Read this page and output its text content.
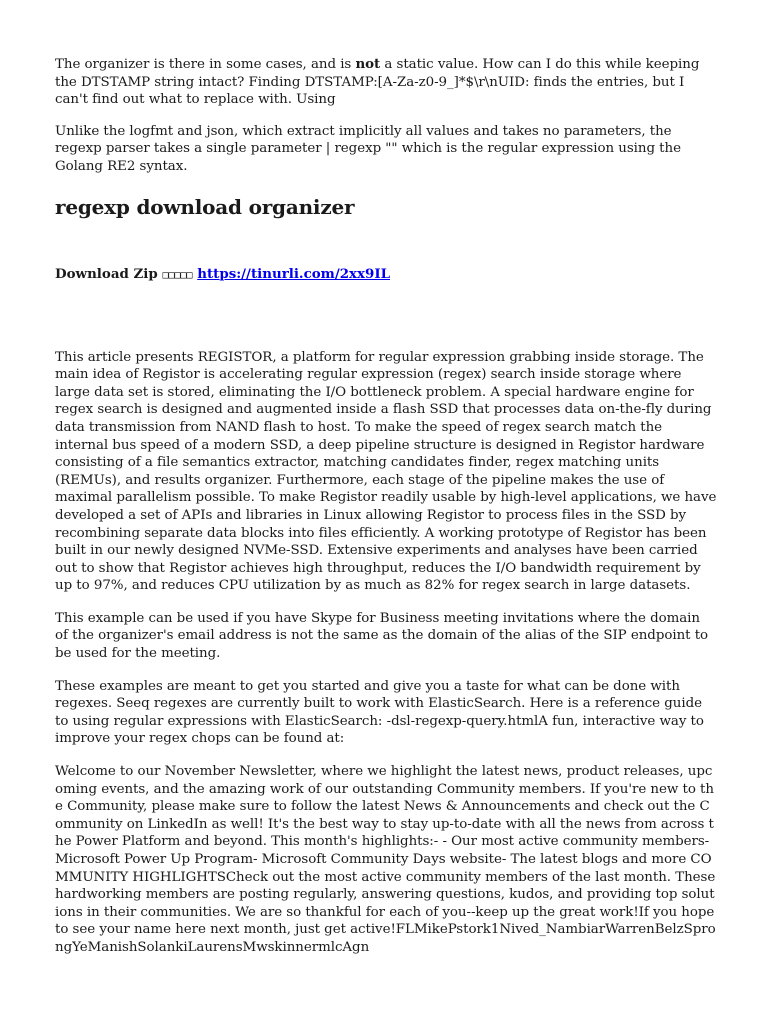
The organizer is there in some cases, and is not a static value. How can I do this while keeping the DTSTAMP string intact? Finding DTSTAMP:[A-Za-z0-9_]*$\r\nUID: finds the entries, but I can't find out what to replace with. Using

Unlike the logfmt and json, which extract implicitly all values and takes no parameters, the regexp parser takes a single parameter | regexp "" which is the regular expression using the Golang RE2 syntax.

regexp download organizer
Download Zip □□□□□ https://tinurli.com/2xx9IL

This article presents REGISTOR, a platform for regular expression grabbing inside storage. The main idea of Registor is accelerating regular expression (regex) search inside storage where large data set is stored, eliminating the I/O bottleneck problem. A special hardware engine for regex search is designed and augmented inside a flash SSD that processes data on-the-fly during data transmission from NAND flash to host. To make the speed of regex search match the internal bus speed of a modern SSD, a deep pipeline structure is designed in Registor hardware consisting of a file semantics extractor, matching candidates finder, regex matching units (REMUs), and results organizer. Furthermore, each stage of the pipeline makes the use of maximal parallelism possible. To make Registor readily usable by high-level applications, we have developed a set of APIs and libraries in Linux allowing Registor to process files in the SSD by recombining separate data blocks into files efficiently. A working prototype of Registor has been built in our newly designed NVMe-SSD. Extensive experiments and analyses have been carried out to show that Registor achieves high throughput, reduces the I/O bandwidth requirement by up to 97%, and reduces CPU utilization by as much as 82% for regex search in large datasets.

This example can be used if you have Skype for Business meeting invitations where the domain of the organizer's email address is not the same as the domain of the alias of the SIP endpoint to be used for the meeting.

These examples are meant to get you started and give you a taste for what can be done with regexes. Seeq regexes are currently built to work with ElasticSearch. Here is a reference guide to using regular expressions with ElasticSearch: -dsl-regexp-query.htmlA fun, interactive way to improve your regex chops can be found at:

Welcome to our November Newsletter, where we highlight the latest news, product releases, upcoming events, and the amazing work of our outstanding Community members. If you're new to the Community, please make sure to follow the latest News & Announcements and check out the Community on LinkedIn as well! It's the best way to stay up-to-date with all the news from across the Power Platform and beyond. This month's highlights:- - Our most active community members- Microsoft Power Up Program- Microsoft Community Days website- The latest blogs and more COMMUNITY HIGHLIGHTSCheck out the most active community members of the last month. These hardworking members are posting regularly, answering questions, kudos, and providing top solutions in their communities. We are so thankful for each of you--keep up the great work!If you hope to see your name here next month, just get active!FLMikePstork1Nived_NambiarWarrenBelzSprongYeManishSolankiLaurensMwskinnermlcAgn
